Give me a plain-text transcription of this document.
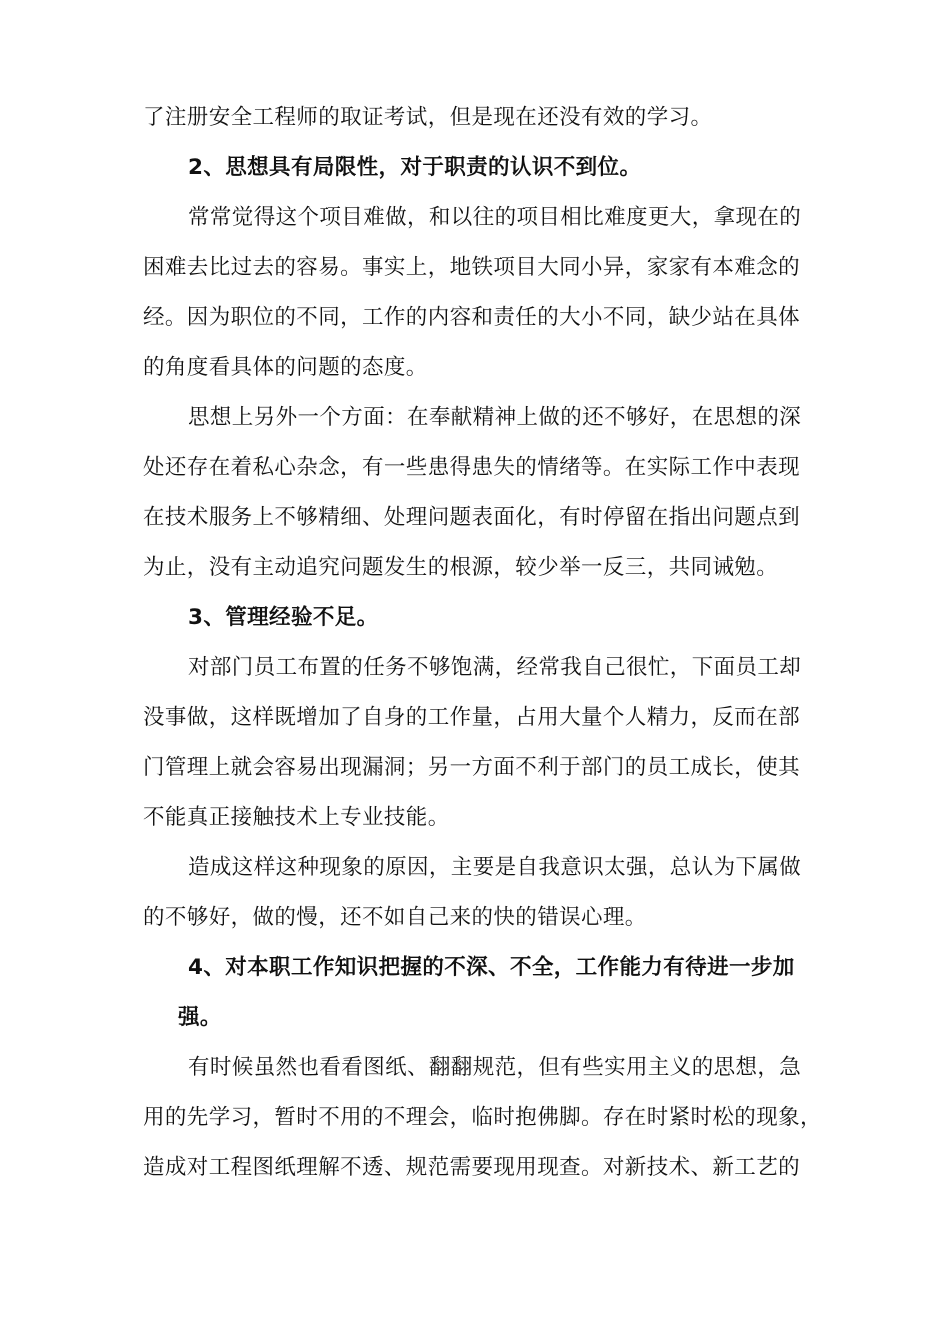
了注册安全工程师的取证考试，但是现在还没有效的学习。
2、思想具有局限性，对于职责的认识不到位。
常常觉得这个项目难做，和以往的项目相比难度更大，拿现在的
困难去比过去的容易。事实上，地铁项目大同小异，家家有本难念的
经。因为职位的不同，工作的内容和责任的大小不同，缺少站在具体
的角度看具体的问题的态度。
思想上另外一个方面：在奉献精神上做的还不够好，在思想的深
处还存在着私心杂念，有一些患得患失的情绪等。在实际工作中表现
在技术服务上不够精细、处理问题表面化，有时停留在指出问题点到
为止，没有主动追究问题发生的根源，较少举一反三，共同诫勉。
3、管理经验不足。
对部门员工布置的任务不够饱满，经常我自己很忙，下面员工却
没事做，这样既增加了自身的工作量，占用大量个人精力，反而在部
门管理上就会容易出现漏洞；另一方面不利于部门的员工成长，使其
不能真正接触技术上专业技能。
造成这样这种现象的原因，主要是自我意识太强，总认为下属做
的不够好，做的慢，还不如自己来的快的错误心理。
4、对本职工作知识把握的不深、不全，工作能力有待进一步加
强。
有时候虽然也看看图纸、翻翻规范，但有些实用主义的思想，急
用的先学习，暂时不用的不理会，临时抱佛脚。存在时紧时松的现象，
造成对工程图纸理解不透、规范需要现用现查。对新技术、新工艺的
